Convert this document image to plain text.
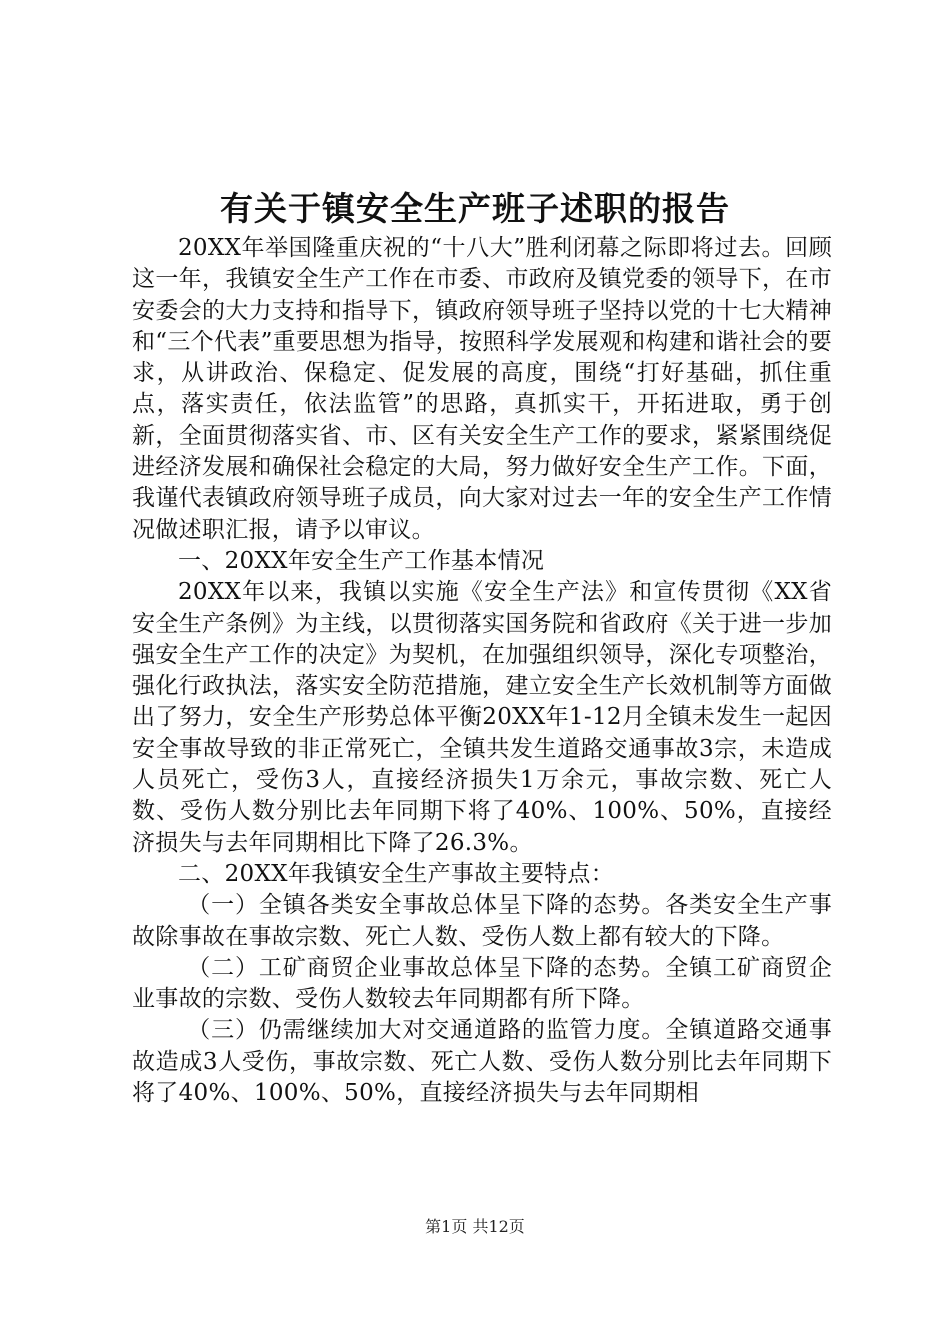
有关于镇安全生产班子述职的报告

20XX年举国隆重庆祝的“十八大”胜利闭幕之际即将过去。回顾这一年，我镇安全生产工作在市委、市政府及镇党委的领导下，在市安委会的大力支持和指导下，镇政府领导班子坚持以党的十七大精神和“三个代表”重要思想为指导，按照科学发展观和构建和谐社会的要求，从讲政治、保稳定、促发展的高度，围绕“打好基础，抓住重点，落实责任，依法监管”的思路，真抓实干，开拓进取，勇于创新，全面贯彻落实省、市、区有关安全生产工作的要求，紧紧围绕促进经济发展和确保社会稳定的大局，努力做好安全生产工作。下面，我谨代表镇政府领导班子成员，向大家对过去一年的安全生产工作情况做述职汇报，请予以审议。

一、20XX年安全生产工作基本情况

20XX年以来，我镇以实施《安全生产法》和宣传贯彻《XX省安全生产条例》为主线，以贯彻落实国务院和省政府《关于进一步加强安全生产工作的决定》为契机，在加强组织领导，深化专项整治，强化行政执法，落实安全防范措施，建立安全生产长效机制等方面做出了努力，安全生产形势总体平衡20XX年1-12月全镇未发生一起因安全事故导致的非正常死亡，全镇共发生道路交通事故3宗，未造成人员死亡，受伤3人，直接经济损失1万余元，事故宗数、死亡人数、受伤人数分别比去年同期下将了40%、100%、50%，直接经济损失与去年同期相比下降了26.3%。

二、20XX年我镇安全生产事故主要特点：

（一）全镇各类安全事故总体呈下降的态势。各类安全生产事故除事故在事故宗数、死亡人数、受伤人数上都有较大的下降。

（二）工矿商贸企业事故总体呈下降的态势。全镇工矿商贸企业事故的宗数、受伤人数较去年同期都有所下降。

（三）仍需继续加大对交通道路的监管力度。全镇道路交通事故造成3人受伤，事故宗数、死亡人数、受伤人数分别比去年同期下将了40%、100%、50%，直接经济损失与去年同期相

第1页 共12页
